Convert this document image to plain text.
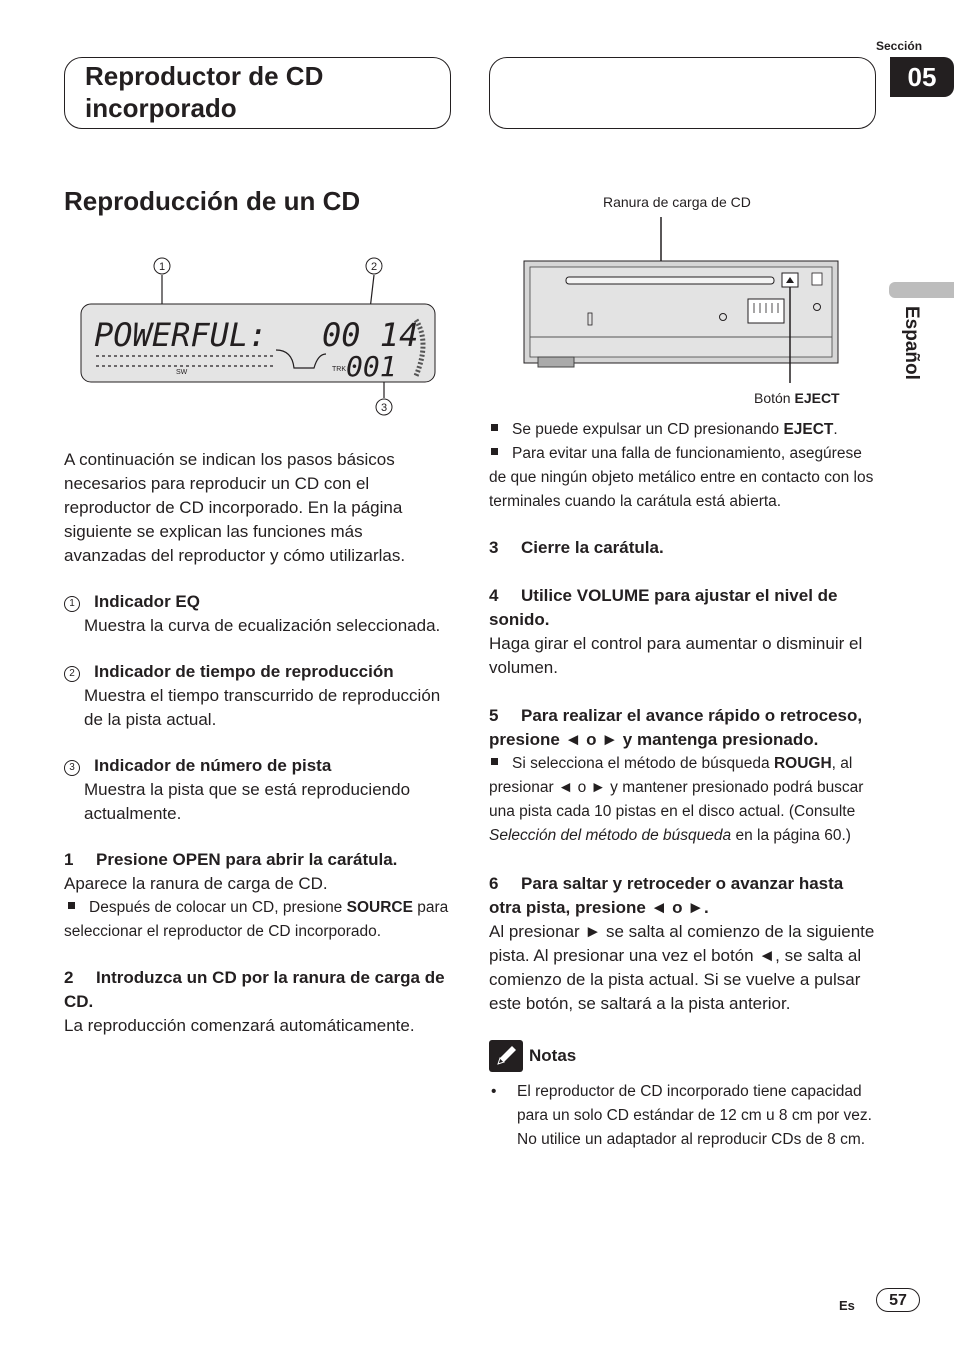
Reproductor de CD
incorporado
Sección
05
Español
Reproducción de un CD
1	2
3
POWERFUL: 00 14
SW	TRK 001
Ranura de carga de CD
Botón EJECT

A continuación se indican los pasos básicos necesarios para reproducir un CD con el reproductor de CD incorporado. En la página siguiente se explican las funciones más avanzadas del reproductor y cómo utilizarlas.

1 Indicador EQ
Muestra la curva de ecualización seleccionada.
2 Indicador de tiempo de reproducción
Muestra el tiempo transcurrido de reproducción de la pista actual.
3 Indicador de número de pista
Muestra la pista que se está reproduciendo actualmente.
1 Presione OPEN para abrir la carátula.
Aparece la ranura de carga de CD.
Después de colocar un CD, presione SOURCE para seleccionar el reproductor de CD incorporado.
2 Introduzca un CD por la ranura de carga de CD.
La reproducción comenzará automáticamente.
Se puede expulsar un CD presionando EJECT.
Para evitar una falla de funcionamiento, asegúrese de que ningún objeto metálico entre en contacto con los terminales cuando la carátula está abierta.
3 Cierre la carátula.
4 Utilice VOLUME para ajustar el nivel de sonido.
Haga girar el control para aumentar o disminuir el volumen.
5 Para realizar el avance rápido o retroceso, presione ◄ o ► y mantenga presionado.
Si selecciona el método de búsqueda ROUGH, al presionar ◄ o ► y mantener presionado podrá buscar una pista cada 10 pistas en el disco actual. (Consulte Selección del método de búsqueda en la página 60.)
6 Para saltar y retroceder o avanzar hasta otra pista, presione ◄ o ►.
Al presionar ► se salta al comienzo de la siguiente pista. Al presionar una vez el botón ◄, se salta al comienzo de la pista actual. Si se vuelve a pulsar este botón, se saltará a la pista anterior.
Notas
•	El reproductor de CD incorporado tiene capacidad para un solo CD estándar de 12 cm u 8 cm por vez. No utilice un adaptador al reproducir CDs de 8 cm.
Es	57
